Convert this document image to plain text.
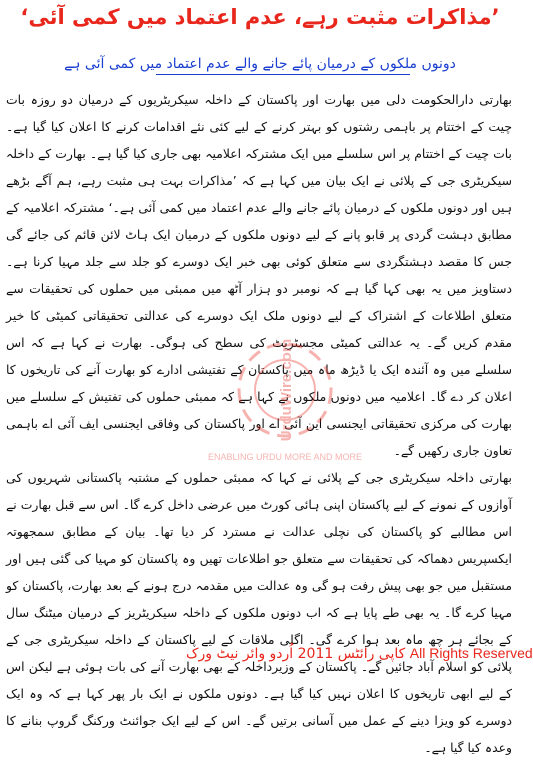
’مذاکرات مثبت رہے، عدم اعتماد میں کمی آئی‘
دونوں ملکوں کے درمیان پائے جانے والے عدم اعتماد میں کمی آئی ہے

بھارتی دارالحکومت دلی میں بھارت اور پاکستان کے داخلہ سیکریٹریوں کے درمیان دو روزہ بات چیت کے اختتام پر باہمی رشتوں کو بہتر کرنے کے لیے کئی نئے اقدامات کرنے کا اعلان کیا گیا ہے۔ بات چیت کے اختتام پر اس سلسلے میں ایک مشترکہ اعلامیہ بھی جاری کیا گیا ہے۔ بھارت کے داخلہ سیکریٹری جی کے پلائی نے ایک بیان میں کہا ہے کہ ’مذاکرات بہت ہی مثبت رہے، ہم آگے بڑھے ہیں اور دونوں ملکوں کے درمیان پائے جانے والے عدم اعتماد میں کمی آئی ہے۔‘ مشترکہ اعلامیہ کے مطابق دہشت گردی پر قابو پانے کے لیے دونوں ملکوں کے درمیان ایک ہاٹ لائن قائم کی جائے گی جس کا مقصد دہشتگردی سے متعلق کوئی بھی خبر ایک دوسرے کو جلد سے جلد مہیا کرنا ہے۔ دستاویز میں یہ بھی کہا گیا ہے کہ نومبر دو ہزار آٹھ میں ممبئی میں حملوں کی تحقیقات سے متعلق اطلاعات کے اشتراک کے لیے دونوں ملک ایک دوسرے کی عدالتی تحقیقاتی کمیٹی کا خیر مقدم کریں گے۔ یہ عدالتی کمیٹی مجسٹریٹ کی سطح کی ہوگی۔ بھارت نے کہا ہے کہ اس سلسلے میں وہ آئندہ ایک یا ڈیڑھ ماہ میں پاکستان کے تفتیشی ادارے کو بھارت آنے کی تاریخوں کا اعلان کر دے گا۔ اعلامیہ میں دونوں ملکوں نے کہا ہے کہ ممبئی حملوں کی تفتیش کے سلسلے میں بھارت کی مرکزی تحقیقاتی ایجنسی این آئی اے اور پاکستان کی وفاقی ایجنسی ایف آئی اے باہمی تعاون جاری رکھیں گے۔

بھارتی داخلہ سیکریٹری جی کے پلائی نے کہا کہ ممبئی حملوں کے مشتبہ پاکستانی شہریوں کی آوازوں کے نمونے کے لیے پاکستان اپنی ہائی کورٹ میں عرضی داخل کرے گا۔ اس سے قبل بھارت نے اس مطالبے کو پاکستان کی نچلی عدالت نے مسترد کر دیا تھا۔ بیان کے مطابق سمجھوتہ ایکسپریس دھماکہ کی تحقیقات سے متعلق جو اطلاعات تھیں وہ پاکستان کو مہیا کی گئی ہیں اور مستقبل میں جو بھی پیش رفت ہو گی وہ عدالت میں مقدمہ درج ہونے کے بعد بھارت، پاکستان کو مہیا کرے گا۔ یہ بھی طے پایا ہے کہ اب دونوں ملکوں کے داخلہ سیکریٹریز کے درمیان میٹنگ سال کے بجائے ہر چھ ماہ بعد ہوا کرے گی۔ اگلی ملاقات کے لیے پاکستان کے داخلہ سیکریٹری جی کے پلائی کو اسلام آباد جائیں گے۔ پاکستان کے وزیرداخلہ کے بھی بھارت آنے کی بات ہوئی ہے لیکن اس کے لیے ابھی تاریخوں کا اعلان نہیں کیا گیا ہے۔ دونوں ملکوں نے ایک بار پھر کہا ہے کہ وہ ایک دوسرے کو ویزا دینے کے عمل میں آسانی برتیں گے۔ اس کے لیے ایک جوائنٹ ورکنگ گروپ بنانے کا وعدہ کیا گیا ہے۔

UrduWire.com
ENABLING URDU MORE AND MORE
کاپی رائٹس 2011 اُردو وائر نیٹ ورک All Rights Reserved
